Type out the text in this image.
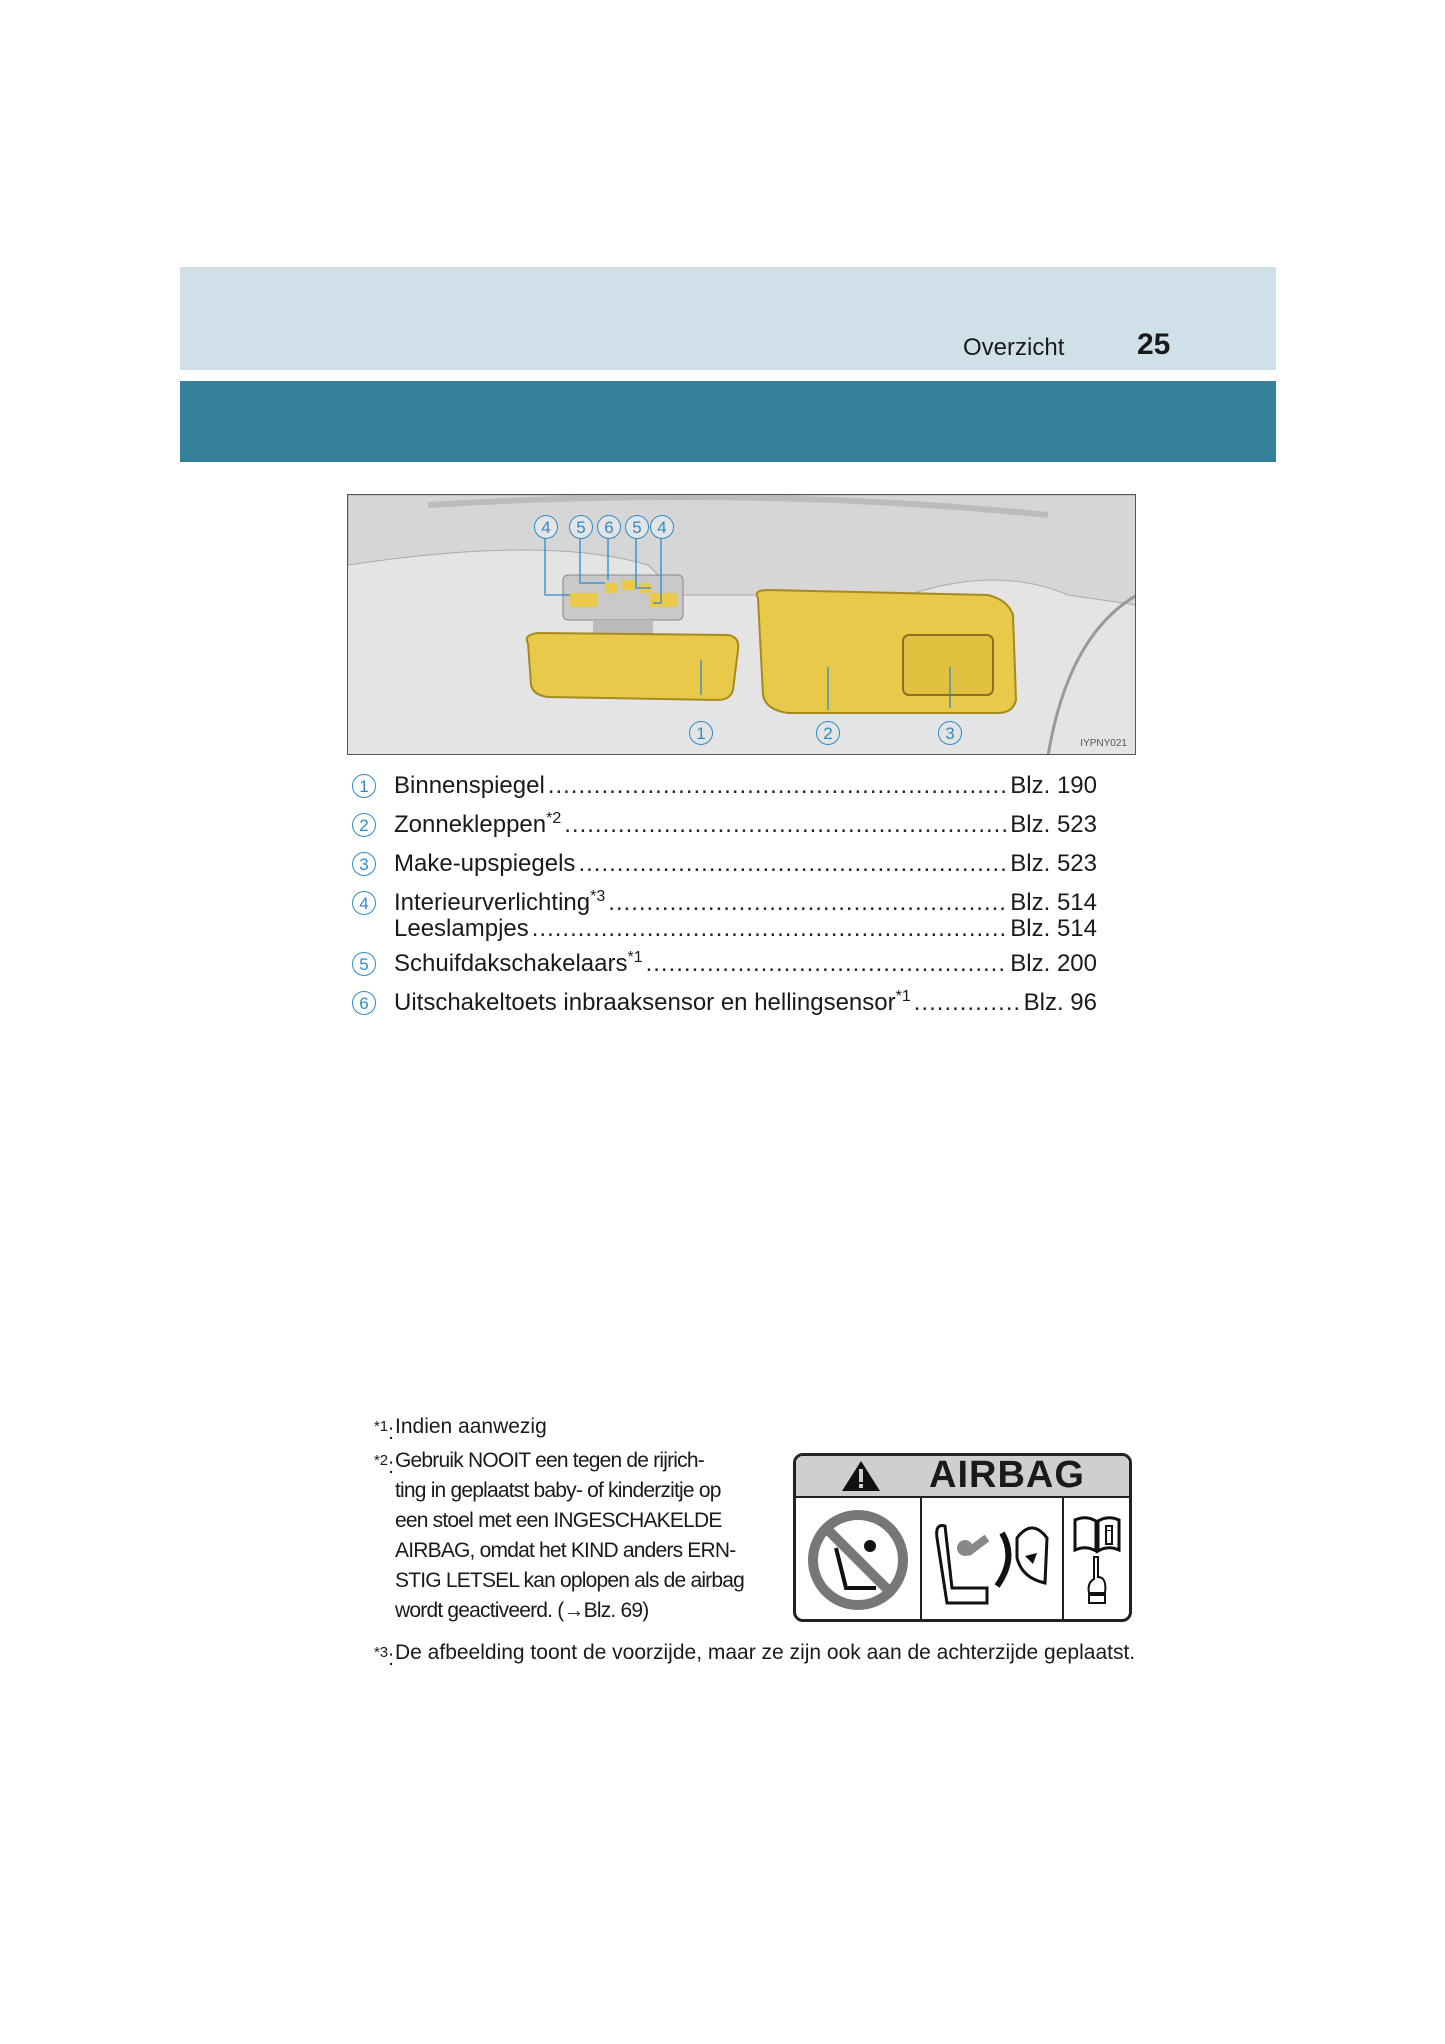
Overzicht 25
4	5	6	5 4
1	2	3
IYPNY021
1	Binnenspiegel .....	Blz. 190
2	Zonnekleppen$^{*2}$ .....	Blz. 523
3	Make-upspiegels .....	Blz. 523
4	Interieurverlichting$^{*3}$ .....	Blz. 514
Leeslampjes .....	Blz. 514
5	Schuifdakschakelaars$^{*1}$ .....	Blz. 200
6	Uitschakeltoets inbraaksensor en hellingsensor$^{*1}$ .....	Blz. 96
$^{*1}$: Indien aanwezig
$^{*2}$: Gebruik NOOIT een tegen de rijrich-
ting in geplaatst baby- of kinderzitje op
een stoel met een INGESCHAKELDE
AIRBAG, omdat het KIND anders ERN-
STIG LETSEL kan oplopen als de airbag
wordt geactiveerd. (→Blz. 69)
$^{*3}$: De afbeelding toont de voorzijde, maar ze zijn ook aan de achterzijde geplaatst.
AIRBAG
